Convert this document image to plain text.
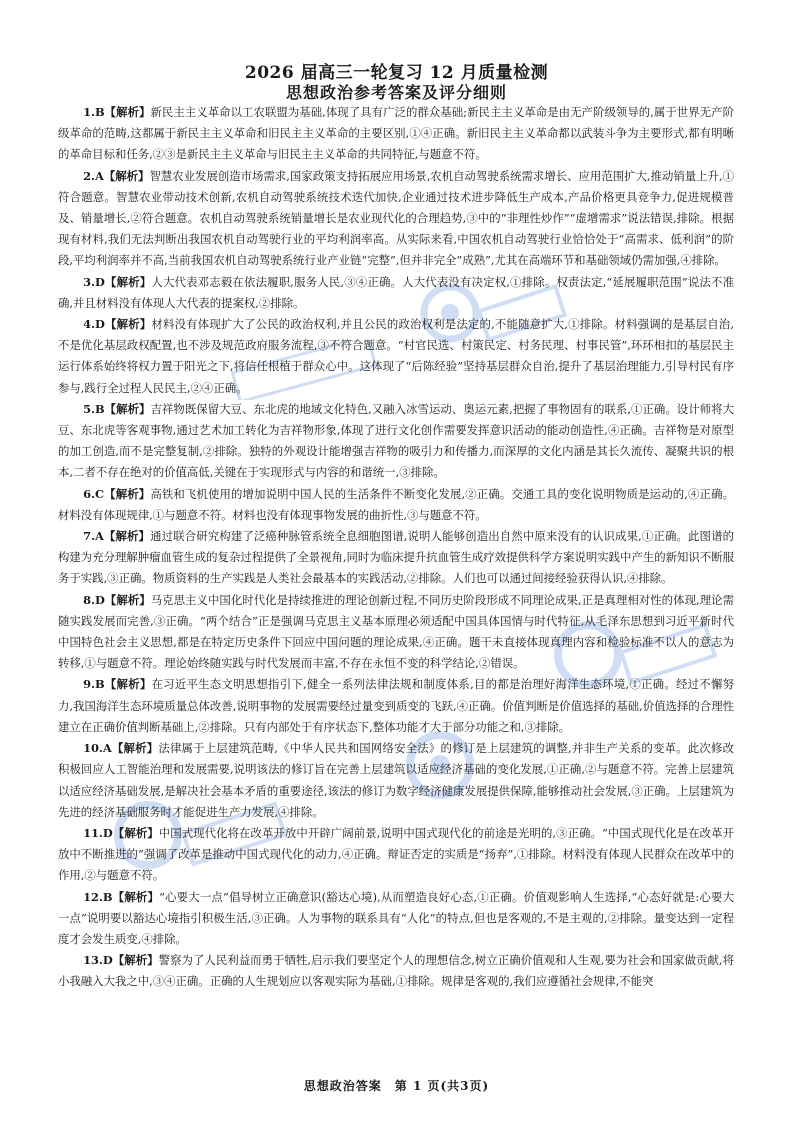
2026 届高三一轮复习 12 月质量检测
思想政治参考答案及评分细则

1.B【解析】新民主主义革命以工农联盟为基础,体现了具有广泛的群众基础;新民主主义革命是由无产阶级领导的,属于世界无产阶级革命的范畴,这都属于新民主主义革命和旧民主主义革命的主要区别,①④正确。新旧民主主义革命都以武装斗争为主要形式,都有明晰的革命目标和任务,②③是新民主主义革命与旧民主主义革命的共同特征,与题意不符。

2.A【解析】智慧农业发展创造市场需求,国家政策支持拓展应用场景,农机自动驾驶系统需求增长、应用范围扩大,推动销量上升,①符合题意。智慧农业带动技术创新,农机自动驾驶系统技术迭代加快,企业通过技术进步降低生产成本,产品价格更具竞争力,促进规模普及、销量增长,②符合题意。农机自动驾驶系统销量增长是农业现代化的合理趋势,③中的“非理性炒作”“虚增需求”说法错误,排除。根据现有材料,我们无法判断出我国农机自动驾驶行业的平均利润率高。从实际来看,中国农机自动驾驶行业恰恰处于“高需求、低利润”的阶段,平均利润率并不高,当前我国农机自动驾驶系统行业产业链“完整”,但并非完全“成熟”,尤其在高端环节和基础领域仍需加强,④排除。

3.D【解析】人大代表邓志毅在依法履职,服务人民,③④正确。人大代表没有决定权,①排除。权责法定,“延展履职范围”说法不准确,并且材料没有体现人大代表的提案权,②排除。

4.D【解析】材料没有体现扩大了公民的政治权利,并且公民的政治权利是法定的,不能随意扩大,①排除。材料强调的是基层自治,不是优化基层政权配置,也不涉及规范政府服务流程,③不符合题意。“村官民选、村策民定、村务民理、村事民管”,环环相扣的基层民主运行体系始终将权力置于阳光之下,将信任根植于群众心中。这体现了“后陈经验”坚持基层群众自治,提升了基层治理能力,引导村民有序参与,践行全过程人民民主,②④正确。

5.B【解析】吉祥物既保留大豆、东北虎的地域文化特色,又融入冰雪运动、奥运元素,把握了事物固有的联系,①正确。设计师将大豆、东北虎等客观事物,通过艺术加工转化为吉祥物形象,体现了进行文化创作需要发挥意识活动的能动创造性,④正确。吉祥物是对原型的加工创造,而不是完整复制,②排除。独特的外观设计能增强吉祥物的吸引力和传播力,而深厚的文化内涵是其长久流传、凝聚共识的根本,二者不存在绝对的价值高低,关键在于实现形式与内容的和谐统一,③排除。

6.C【解析】高铁和飞机使用的增加说明中国人民的生活条件不断变化发展,②正确。交通工具的变化说明物质是运动的,④正确。材料没有体现规律,①与题意不符。材料也没有体现事物发展的曲折性,③与题意不符。

7.A【解析】通过联合研究构建了泛癌种脉管系统全息细胞图谱,说明人能够创造出自然中原来没有的认识成果,①正确。此图谱的构建为充分理解肿瘤血管生成的复杂过程提供了全景视角,同时为临床提升抗血管生成疗效提供科学方案说明实践中产生的新知识不断服务于实践,③正确。物质资料的生产实践是人类社会最基本的实践活动,②排除。人们也可以通过间接经验获得认识,④排除。

8.D【解析】马克思主义中国化时代化是持续推进的理论创新过程,不同历史阶段形成不同理论成果,正是真理相对性的体现,理论需随实践发展而完善,③正确。“两个结合”正是强调马克思主义基本原理必须适配中国具体国情与时代特征,从毛泽东思想到习近平新时代中国特色社会主义思想,都是在特定历史条件下回应中国问题的理论成果,④正确。题干未直接体现真理内容和检验标准不以人的意志为转移,①与题意不符。理论始终随实践与时代发展而丰富,不存在永恒不变的科学结论,②错误。

9.B【解析】在习近平生态文明思想指引下,健全一系列法律法规和制度体系,目的都是治理好海洋生态环境,①正确。经过不懈努力,我国海洋生态环境质量总体改善,说明事物的发展需要经过量变到质变的飞跃,④正确。价值判断是价值选择的基础,价值选择的合理性建立在正确价值判断基础上,②排除。只有内部处于有序状态下,整体功能才大于部分功能之和,③排除。

10.A【解析】法律属于上层建筑范畴,《中华人民共和国网络安全法》的修订是上层建筑的调整,并非生产关系的变革。此次修改积极回应人工智能治理和发展需要,说明该法的修订旨在完善上层建筑以适应经济基础的变化发展,①正确,②与题意不符。完善上层建筑以适应经济基础发展,是解决社会基本矛盾的重要途径,该法的修订为数字经济健康发展提供保障,能够推动社会发展,③正确。上层建筑为先进的经济基础服务时才能促进生产力发展,④排除。

11.D【解析】中国式现代化将在改革开放中开辟广阔前景,说明中国式现代化的前途是光明的,③正确。“中国式现代化是在改革开放中不断推进的”强调了改革是推动中国式现代化的动力,④正确。辩证否定的实质是“扬弃”,①排除。材料没有体现人民群众在改革中的作用,②与题意不符。

12.B【解析】“心要大一点”倡导树立正确意识(豁达心境),从而塑造良好心态,①正确。价值观影响人生选择,“心态好就是:心要大一点”说明要以豁达心境指引积极生活,③正确。人为事物的联系具有“人化”的特点,但也是客观的,不是主观的,②排除。量变达到一定程度才会发生质变,④排除。

13.D【解析】警察为了人民利益而勇于牺牲,启示我们要坚定个人的理想信念,树立正确价值观和人生观,要为社会和国家做贡献,将小我融入大我之中,③④正确。正确的人生规划应以客观实际为基础,①排除。规律是客观的,我们应遵循社会规律,不能突

思想政治答案　第 1 页(共3页)
